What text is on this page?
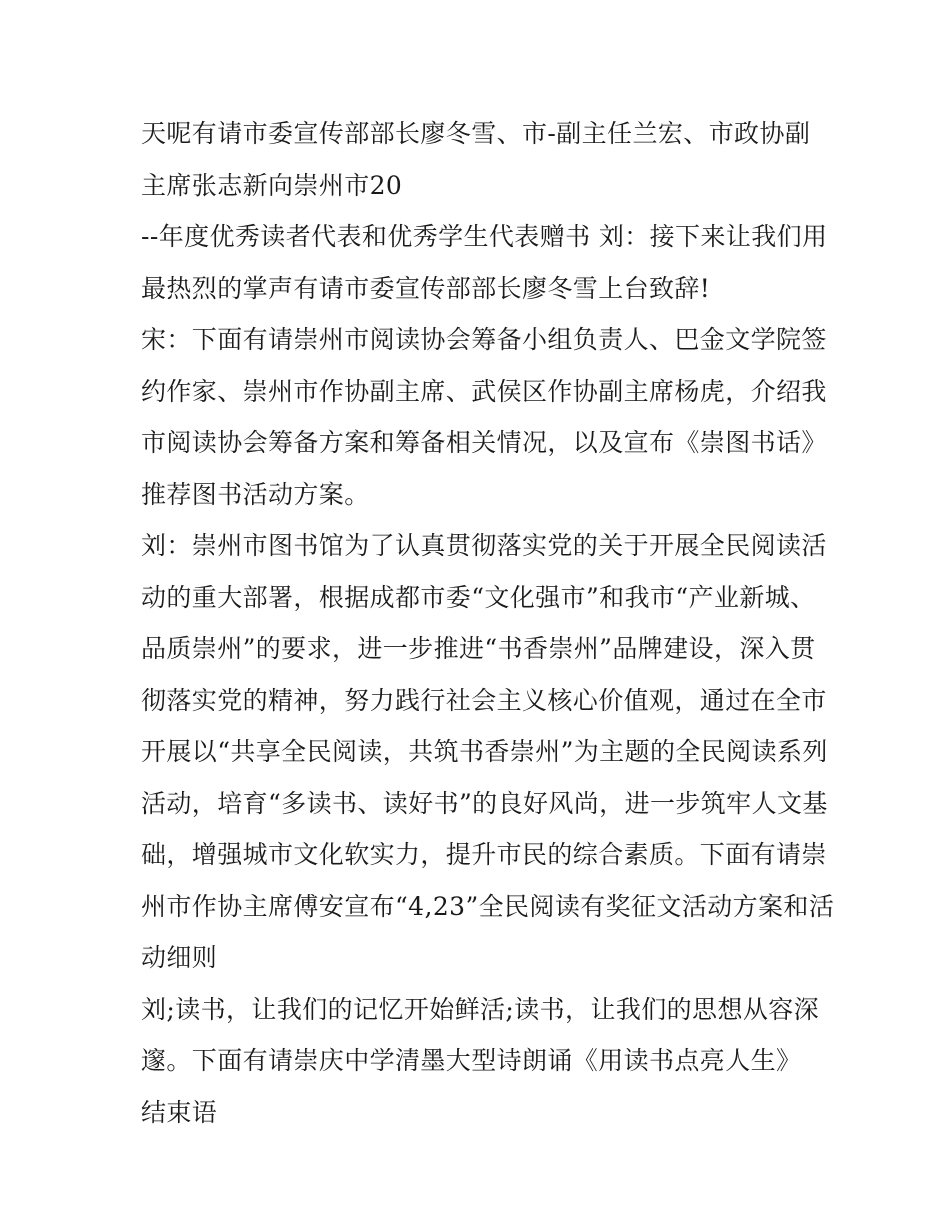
天呢有请市委宣传部部长廖冬雪、市-副主任兰宏、市政协副
主席张志新向崇州市20
--年度优秀读者代表和优秀学生代表赠书 刘：接下来让我们用
最热烈的掌声有请市委宣传部部长廖冬雪上台致辞!
宋：下面有请崇州市阅读协会筹备小组负责人、巴金文学院签
约作家、崇州市作协副主席、武侯区作协副主席杨虎，介绍我
市阅读协会筹备方案和筹备相关情况，以及宣布《崇图书话》
推荐图书活动方案。
刘：崇州市图书馆为了认真贯彻落实党的关于开展全民阅读活
动的重大部署，根据成都市委“文化强市”和我市“产业新城、
品质崇州”的要求，进一步推进“书香崇州”品牌建设，深入贯
彻落实党的精神，努力践行社会主义核心价值观，通过在全市
开展以“共享全民阅读，共筑书香崇州”为主题的全民阅读系列
活动，培育“多读书、读好书”的良好风尚，进一步筑牢人文基
础，增强城市文化软实力，提升市民的综合素质。下面有请崇
州市作协主席傅安宣布“4,23”全民阅读有奖征文活动方案和活
动细则
刘;读书，让我们的记忆开始鲜活;读书，让我们的思想从容深
邃。下面有请崇庆中学清墨大型诗朗诵《用读书点亮人生》
结束语
